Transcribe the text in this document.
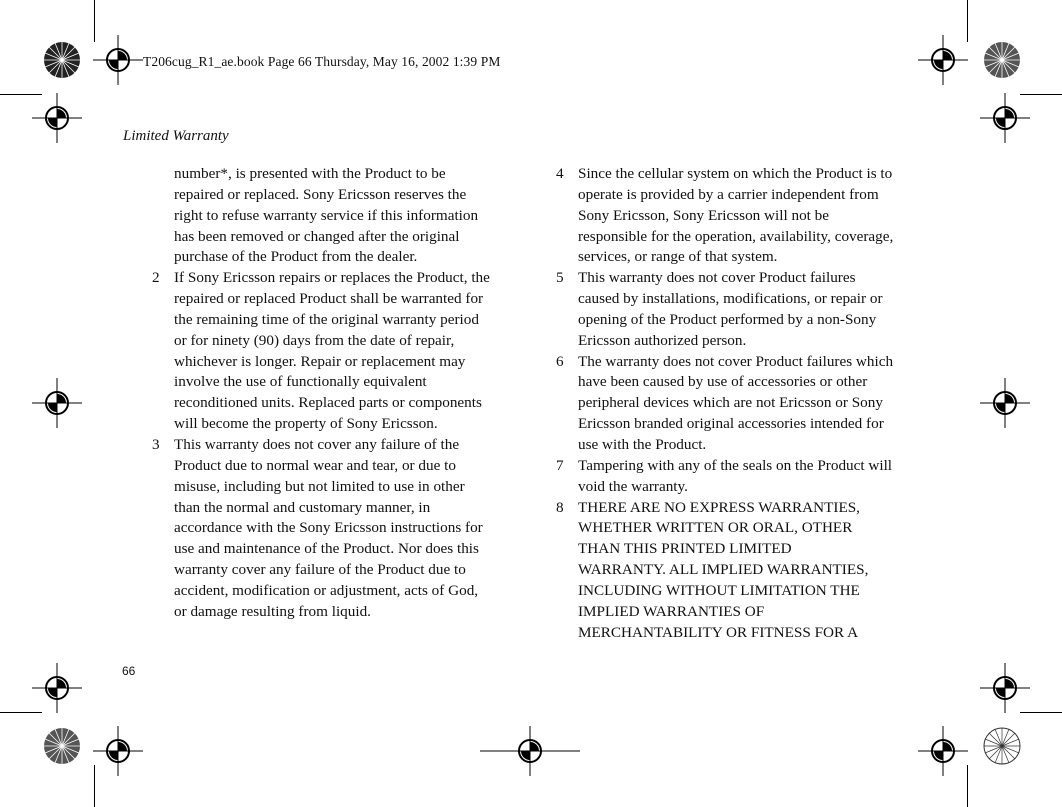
T206cug_R1_ae.book Page 66 Thursday, May 16, 2002 1:39 PM
Limited Warranty
number*, is presented with the Product to be
repaired or replaced. Sony Ericsson reserves the
right to refuse warranty service if this information
has been removed or changed after the original
purchase of the Product from the dealer.
2 If Sony Ericsson repairs or replaces the Product, the
repaired or replaced Product shall be warranted for
the remaining time of the original warranty period
or for ninety (90) days from the date of repair,
whichever is longer. Repair or replacement may
involve the use of functionally equivalent
reconditioned units. Replaced parts or components
will become the property of Sony Ericsson.
3 This warranty does not cover any failure of the
Product due to normal wear and tear, or due to
misuse, including but not limited to use in other
than the normal and customary manner, in
accordance with the Sony Ericsson instructions for
use and maintenance of the Product. Nor does this
warranty cover any failure of the Product due to
accident, modification or adjustment, acts of God,
or damage resulting from liquid.
4 Since the cellular system on which the Product is to
operate is provided by a carrier independent from
Sony Ericsson, Sony Ericsson will not be
responsible for the operation, availability, coverage,
services, or range of that system.
5 This warranty does not cover Product failures
caused by installations, modifications, or repair or
opening of the Product performed by a non-Sony
Ericsson authorized person.
6 The warranty does not cover Product failures which
have been caused by use of accessories or other
peripheral devices which are not Ericsson or Sony
Ericsson branded original accessories intended for
use with the Product.
7 Tampering with any of the seals on the Product will
void the warranty.
8 THERE ARE NO EXPRESS WARRANTIES,
WHETHER WRITTEN OR ORAL, OTHER
THAN THIS PRINTED LIMITED
WARRANTY. ALL IMPLIED WARRANTIES,
INCLUDING WITHOUT LIMITATION THE
IMPLIED WARRANTIES OF
MERCHANTABILITY OR FITNESS FOR A
66
